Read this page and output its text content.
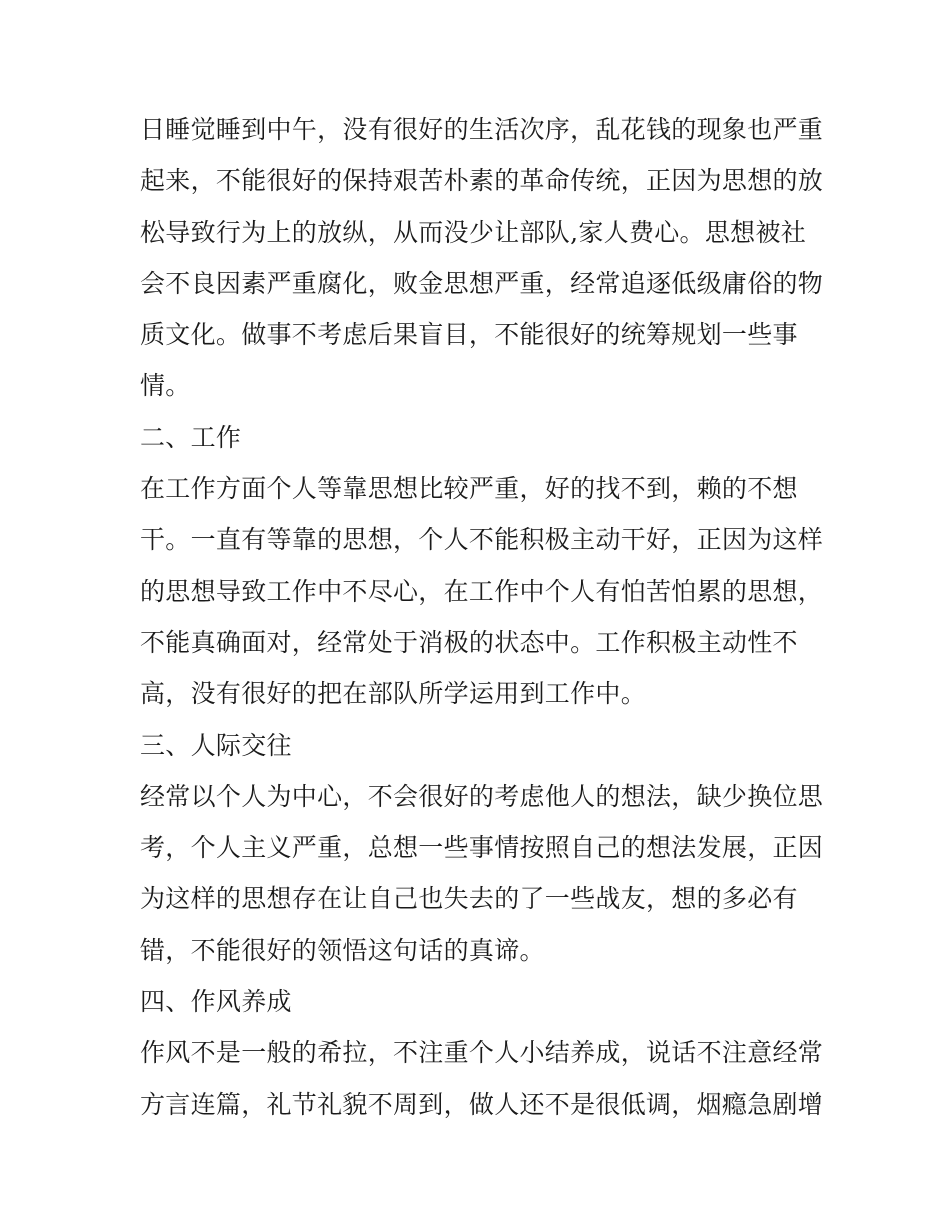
日睡觉睡到中午，没有很好的生活次序，乱花钱的现象也严重
起来，不能很好的保持艰苦朴素的革命传统，正因为思想的放
松导致行为上的放纵，从而没少让部队,家人费心。思想被社
会不良因素严重腐化，败金思想严重，经常追逐低级庸俗的物
质文化。做事不考虑后果盲目，不能很好的统筹规划一些事
情。
二、工作
在工作方面个人等靠思想比较严重，好的找不到，赖的不想
干。一直有等靠的思想，个人不能积极主动干好，正因为这样
的思想导致工作中不尽心，在工作中个人有怕苦怕累的思想，
不能真确面对，经常处于消极的状态中。工作积极主动性不
高，没有很好的把在部队所学运用到工作中。
三、人际交往
经常以个人为中心，不会很好的考虑他人的想法，缺少换位思
考，个人主义严重，总想一些事情按照自己的想法发展，正因
为这样的思想存在让自己也失去的了一些战友，想的多必有
错，不能很好的领悟这句话的真谛。
四、作风养成
作风不是一般的希拉，不注重个人小结养成，说话不注意经常
方言连篇，礼节礼貌不周到，做人还不是很低调，烟瘾急剧增
